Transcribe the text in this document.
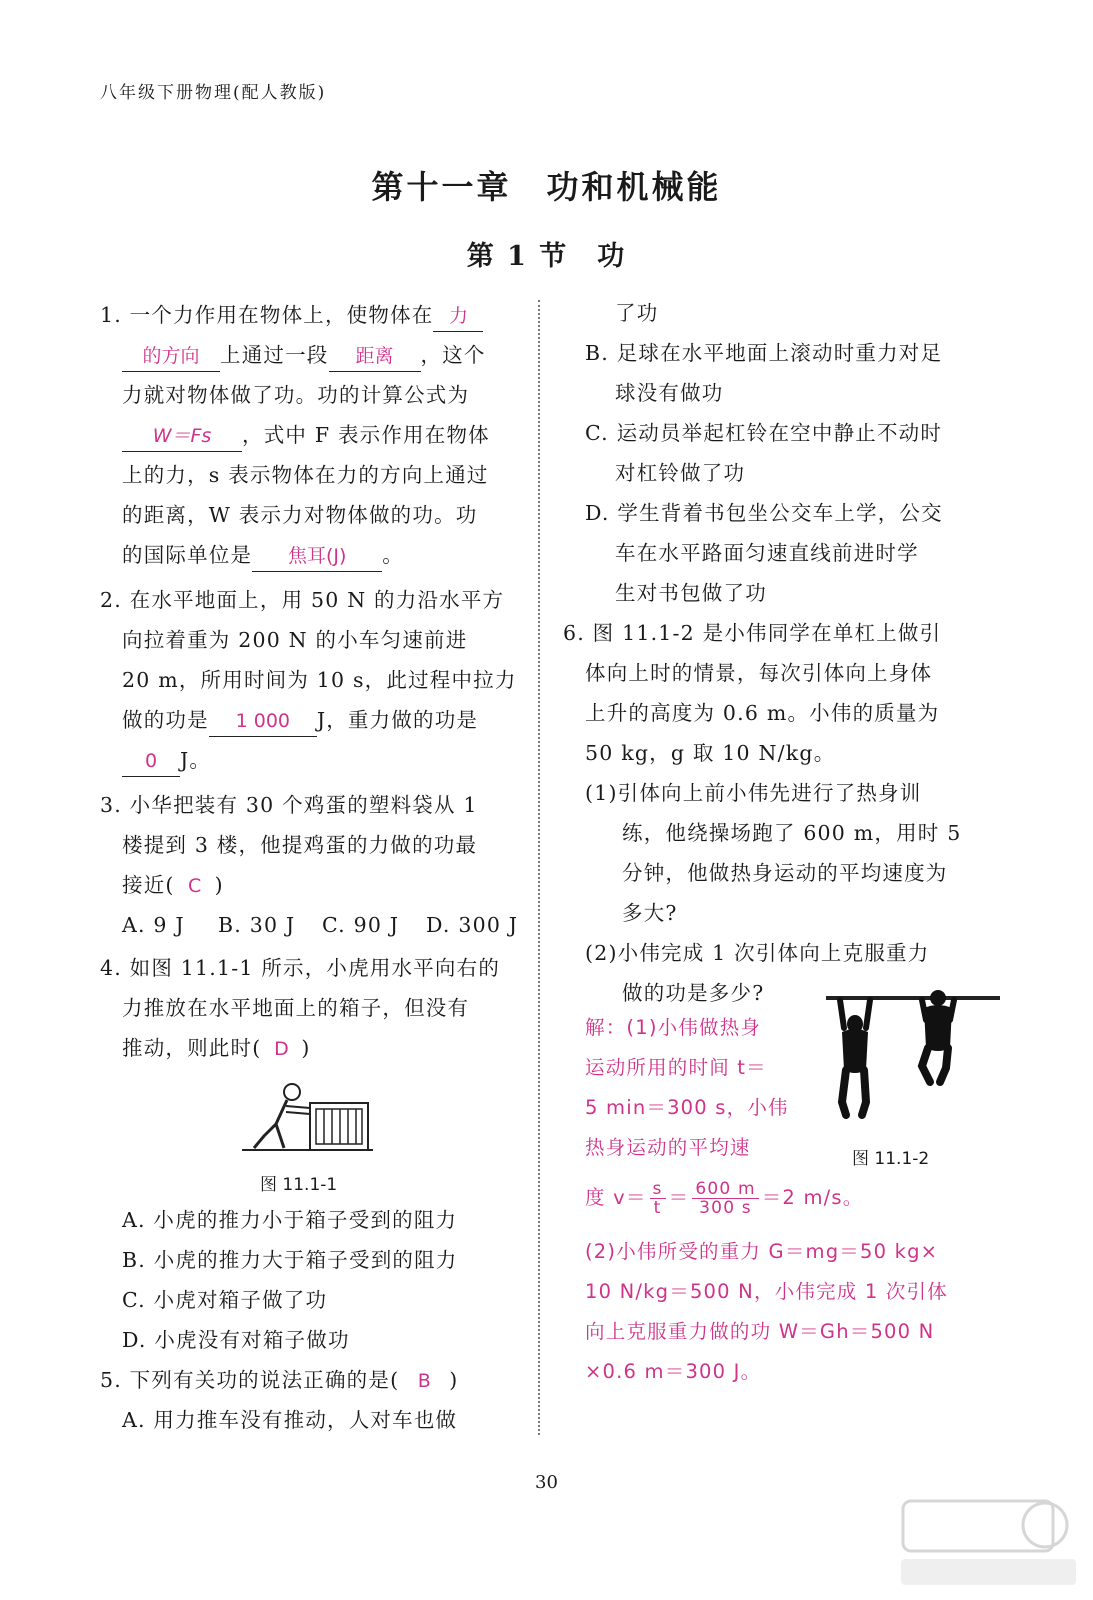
八年级下册物理(配人教版)
第十一章　功和机械能
第 1 节　功
1. 一个力作用在物体上，使物体在 力
的方向 上通过一段 距离 ，这个
力就对物体做了功。功的计算公式为
W＝Fs ，式中 F 表示作用在物体
上的力，s 表示物体在力的方向上通过
的距离，W 表示力对物体做的功。功
的国际单位是 焦耳(J) 。
2. 在水平地面上，用 50 N 的力沿水平方
向拉着重为 200 N 的小车匀速前进
20 m，所用时间为 10 s，此过程中拉力
做的功是 1 000 J，重力做的功是
0 J。
3. 小华把装有 30 个鸡蛋的塑料袋从 1
楼提到 3 楼，他提鸡蛋的力做的功最
接近( C )
A. 9 J B. 30 J C. 90 J D. 300 J
4. 如图 11.1-1 所示，小虎用水平向右的
力推放在水平地面上的箱子，但没有
推动，则此时( D )
图 11.1-1
A. 小虎的推力小于箱子受到的阻力
B. 小虎的推力大于箱子受到的阻力
C. 小虎对箱子做了功
D. 小虎没有对箱子做功
5. 下列有关功的说法正确的是( B )
A. 用力推车没有推动，人对车也做
了功
B. 足球在水平地面上滚动时重力对足
球没有做功
C. 运动员举起杠铃在空中静止不动时
对杠铃做了功
D. 学生背着书包坐公交车上学，公交
车在水平路面匀速直线前进时学
生对书包做了功
6. 图 11.1-2 是小伟同学在单杠上做引
体向上时的情景，每次引体向上身体
上升的高度为 0.6 m。小伟的质量为
50 kg，g 取 10 N/kg。
(1)引体向上前小伟先进行了热身训
练，他绕操场跑了 600 m，用时 5
分钟，他做热身运动的平均速度为
多大?
(2)小伟完成 1 次引体向上克服重力
做的功是多少?
图 11.1-2
解：(1)小伟做热身
运动所用的时间 t＝
5 min＝300 s，小伟
热身运动的平均速
度 $v= \frac{s}{t} = \frac{600 m}{300 s} =2$ m/s。
(2)小伟所受的重力 G＝mg＝50 kg×
10 N/kg＝500 N，小伟完成 1 次引体
向上克服重力做的功 W＝Gh＝500 N
×0.6 m＝300 J。
30
